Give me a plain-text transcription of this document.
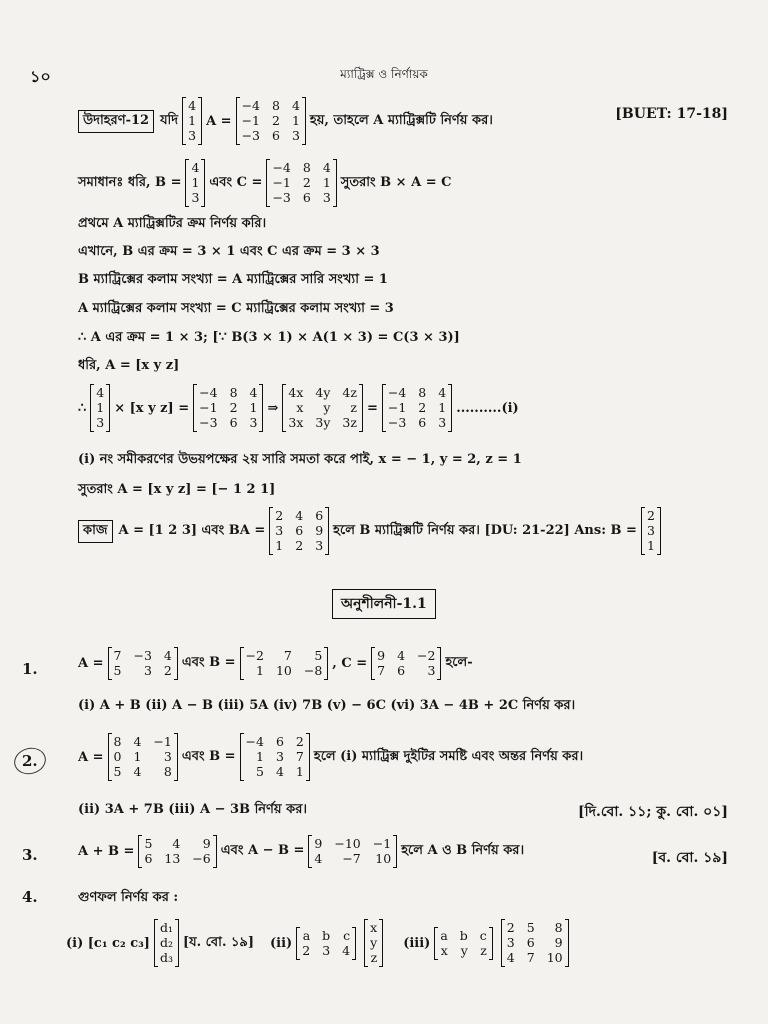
১০	ম্যাট্রিক্স ও নির্ণায়ক
উদাহরণ-12 যদি
4
1
3
A =
−4 8 4
−1 2 1
−3 6 3
হয়, তাহলে A ম্যাট্রিক্সটি নির্ণয় কর।	[BUET: 17-18]
সমাধানঃ ধরি, B =
4
1
3
এবং C =
−4 8 4
−1 2 1
−3 6 3
সুতরাং B × A = C
প্রথমে A ম্যাট্রিক্সটির ক্রম নির্ণয় করি।
এখানে, B এর ক্রম = 3 × 1 এবং C এর ক্রম = 3 × 3
B ম্যাট্রিক্সের কলাম সংখ্যা = A ম্যাট্রিক্সের সারি সংখ্যা = 1
A ম্যাট্রিক্সের কলাম সংখ্যা = C ম্যাট্রিক্সের কলাম সংখ্যা = 3
∴ A এর ক্রম = 1 × 3; [∵ B(3 × 1) × A(1 × 3) = C(3 × 3)]
ধরি, A = [x y z]
∴
4
1
3
× [x y z] =
−4 8 4
−1 2 1
−3 6 3
⇒
4x 4y 4z
x	y	z
3x 3y 3z
=
−4 8 4
−1 2 1
−3 6 3
..........(i)
(i) নং সমীকরণের উভয়পক্ষের ২য় সারি সমতা করে পাই, x = − 1, y = 2, z = 1
সুতরাং A = [x y z] = [− 1 2 1]
কাজ A = [1 2 3] এবং BA =
2 4 6
3 6 9
1 2 3
হলে B ম্যাট্রিক্সটি নির্ণয় কর। [DU: 21-22] Ans: B =
2
3
1
অনুশীলনী-1.1
1.	A =
7 −3 4
5	3 2
এবং B = −2	7	5
1 10 −8 , C =
9 4 −2
7 6	3
হলে-
(i) A + B (ii) A − B (iii) 5A (iv) 7B (v) − 6C (vi) 3A − 4B + 2C নির্ণয় কর।
2.	A =
8 4 −1
0 1	3
5 4	8
এবং B =
−4 6 2
1 3 7
5 4 1
হলে (i) ম্যাট্রিক্স দুইটির সমষ্টি এবং অন্তর নির্ণয় কর।
(ii) 3A + 7B (iii) A − 3B নির্ণয় কর।	[দি.বো. ১১; কু. বো. ০১]
3.	A + B =
5	4	9
6 13 −6
এবং A − B = 9 −10 −1
4	−7 10
হলে A ও B নির্ণয় কর।	[ব. বো. ১৯]
4.	গুণফল নির্ণয় কর :
(i) [c₁ c₂ c₃]
d₁
d₂
d₃
[য. বো. ১৯] (ii)
a b c
2 3 4
x
y
z
(iii)
a b c
x y z
2 5	8
3 6	9
4 7 10
